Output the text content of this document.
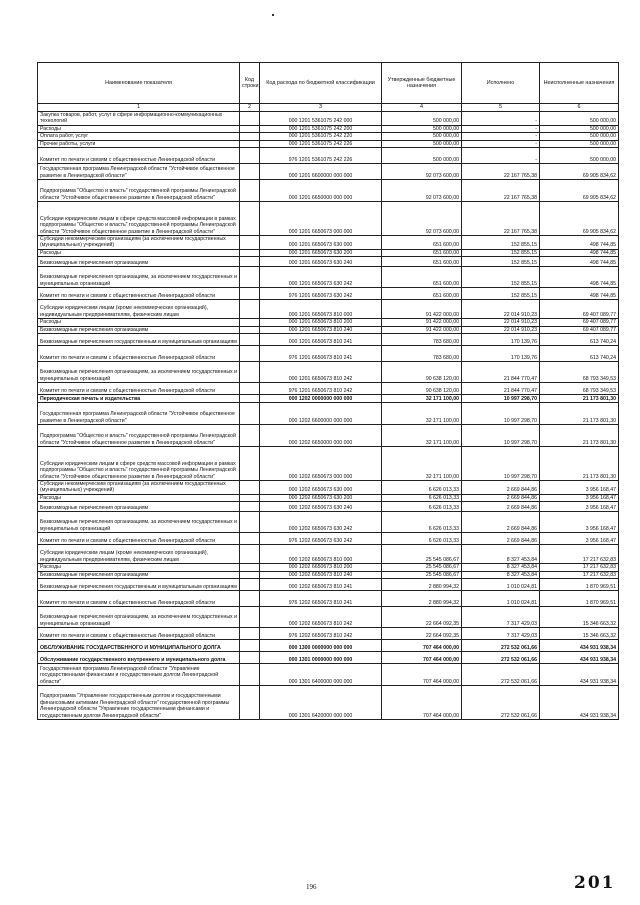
Наименование показателя	Код строки	Код расхода по бюджетной классификации	Утвержденные бюджетные назначения	Исполнено	Неисполненные назначения
1	2	3	4	5	6
Закупка товаров, работ, услуг в сфере информационно-коммуникационных технологий		000 1201 5361075 242 000	500 000,00	-	500 000,00
Расходы		000 1201 5361075 242 200	500 000,00	-	500 000,00
Оплата работ, услуг		000 1201 5361075 242 220	500 000,00	-	500 000,00
Прочие работы, услуги		000 1201 5361075 242 226	500 000,00	-	500 000,00
Комитет по печати и связям с общественностью Ленинградской области		976 1201 5361075 242 226	500 000,00	-	500 000,00
Государственная программа Ленинградской области "Устойчивое общественное развитие в Ленинградской области"		000 1201 6600000 000 000	92 073 600,00	22 167 765,38	69 905 834,62
Подпрограмма "Общество и власть" государственной программы Ленинградской области "Устойчивое общественное развитие в Ленинградской области"		000 1201 6650000 000 000	92 073 600,00	22 167 765,38	69 905 834,62
Субсидии юридическим лицам в сфере средств массовой информации в рамках подпрограммы "Общество и власть" государственной программы Ленинградской области "Устойчивое общественное развитие в Ленинградской области"		000 1201 6650673 000 000	92 073 600,00	22 167 765,38	69 905 834,62
Субсидии некоммерческим организациям (за исключением государственных (муниципальных) учреждений)		000 1201 6650673 630 000	651 600,00	152 855,15	498 744,85
Расходы		000 1201 6650673 630 200	651 600,00	152 855,15	498 744,85
Безвозмездные перечисления организациям		000 1201 6650673 630 240	651 600,00	152 855,15	498 744,85
Безвозмездные перечисления организациям, за исключением государственных и муниципальных организаций		000 1201 6650673 630 242	651 600,00	152 855,15	498 744,85
Комитет по печати и связям с общественностью Ленинградской области		976 1201 6650673 630 242	651 600,00	152 855,15	498 744,85
Субсидии юридическим лицам (кроме некоммерческих организаций), индивидуальным предпринимателям, физическим лицам		000 1201 6650673 810 000	91 422 000,00	22 014 910,23	69 407 089,77
Расходы		000 1201 6650673 810 200	91 422 000,00	22 014 910,23	69 407 089,77
Безвозмездные перечисления организациям		000 1201 6650673 810 240	91 422 000,00	22 014 910,23	69 407 089,77
Безвозмездные перечисления государственным и муниципальным организациям		000 1201 6650673 810 241	783 680,00	170 139,76	613 740,24
Комитет по печати и связям с общественностью Ленинградской области		976 1201 6650673 810 241	783 680,00	170 139,76	613 740,24
Безвозмездные перечисления организациям, за исключением государственных и муниципальных организаций		000 1201 6650673 810 242	90 638 120,00	21 844 770,47	68 793 349,53
Комитет по печати и связям с общественностью Ленинградской области		976 1201 6650673 810 242	90 638 120,00	21 844 770,47	68 793 349,53
Периодическая печать и издательства		000 1202 0000000 000 000	32 171 100,00	10 997 298,70	21 173 801,30
Государственная программа Ленинградской области "Устойчивое общественное развитие в Ленинградской области"		000 1202 6600000 000 000	32 171 100,00	10 997 298,70	21 173 801,30
Подпрограмма "Общество и власть" государственной программы Ленинградской области "Устойчивое общественное развитие в Ленинградской области"		000 1202 6650000 000 000	32 171 100,00	10 997 298,70	21 173 801,30
Субсидии юридическим лицам в сфере средств массовой информации в рамках подпрограммы "Общество и власть" государственной программы Ленинградской области "Устойчивое общественное развитие в Ленинградской области"		000 1202 6650673 000 000	32 171 100,00	10 997 298,70	21 173 801,30
Субсидии некоммерческим организациям (за исключением государственных (муниципальных) учреждений)		000 1202 6650673 630 000	6 626 013,33	2 669 844,86	3 956 168,47
Расходы		000 1202 6650673 630 200	6 626 013,33	2 669 844,86	3 956 168,47
Безвозмездные перечисления организациям		000 1202 6650673 630 240	6 626 013,33	2 669 844,86	3 956 168,47
Безвозмездные перечисления организациям, за исключением государственных и муниципальных организаций		000 1202 6650673 630 242	6 626 013,33	2 669 844,86	3 956 168,47
Комитет по печати и связям с общественностью Ленинградской области		976 1202 6650673 630 242	6 626 013,33	2 669 844,86	3 956 168,47
Субсидии юридическим лицам (кроме некоммерческих организаций), индивидуальным предпринимателям, физическим лицам		000 1202 6650673 810 000	25 545 086,67	8 327 453,84	17 217 632,83
Расходы		000 1202 6650673 810 200	25 545 086,67	8 327 453,84	17 217 632,83
Безвозмездные перечисления организациям		000 1202 6650673 810 240	25 545 086,67	8 327 453,84	17 217 632,83
Безвозмездные перечисления государственным и муниципальным организациям		000 1202 6650673 810 241	2 880 994,32	1 010 024,81	1 870 969,51
Комитет по печати и связям с общественностью Ленинградской области		976 1202 6650673 810 241	2 880 994,32	1 010 024,81	1 870 969,51
Безвозмездные перечисления организациям, за исключением государственных и муниципальных организаций		000 1202 6650673 810 242	22 664 092,35	7 317 429,03	15 346 663,32
Комитет по печати и связям с общественностью Ленинградской области		976 1202 6650673 810 242	22 664 092,35	7 317 429,03	15 346 663,32
ОБСЛУЖИВАНИЕ ГОСУДАРСТВЕННОГО И МУНИЦИПАЛЬНОГО ДОЛГА		000 1300 0000000 000 000	707 464 000,00	272 532 061,66	434 931 938,34
Обслуживание государственного внутреннего и муниципального долга		000 1301 0000000 000 000	707 464 000,00	272 532 061,66	434 931 938,34
Государственная программа Ленинградской области "Управление государственными финансами и государственным долгом Ленинградской области"		000 1301 6400000 000 000	707 464 000,00	272 532 061,66	434 931 938,34
Подпрограмма "Управление государственным долгом и государственными финансовыми активами Ленинградской области" государственной программы Ленинградской области "Управление государственными финансами и государственным долгом Ленинградской области"		000 1301 6420000 000 000	707 464 000,00	272 532 061,66	434 931 938,34
196	201
